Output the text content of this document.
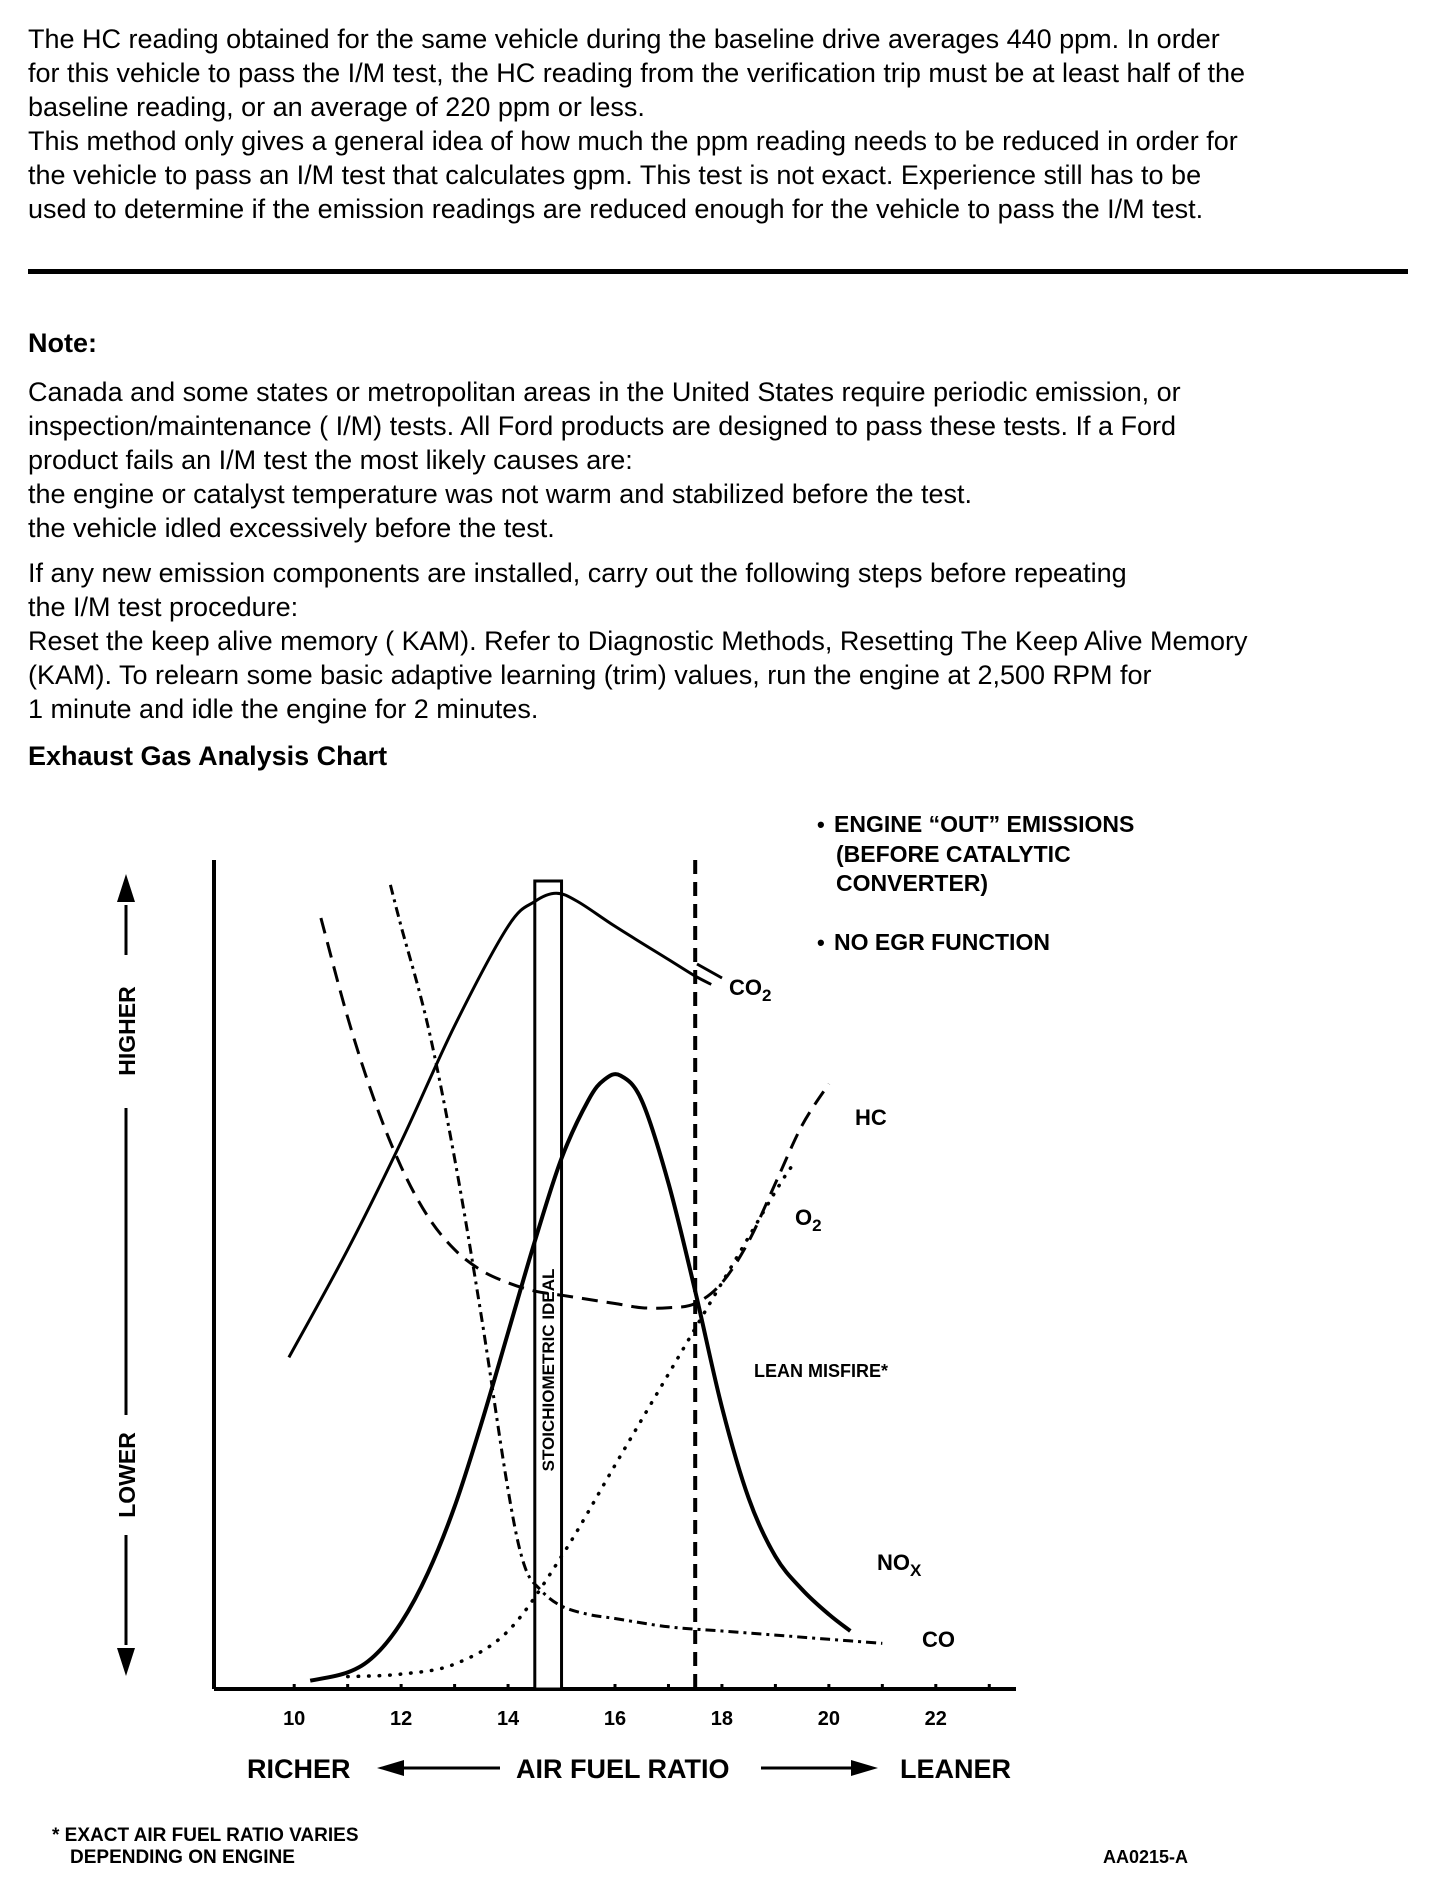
The HC reading obtained for the same vehicle during the baseline drive averages 440 ppm. In order
for this vehicle to pass the I/M test, the HC reading from the verification trip must be at least half of the
baseline reading, or an average of 220 ppm or less.
This method only gives a general idea of how much the ppm reading needs to be reduced in order for
the vehicle to pass an I/M test that calculates gpm. This test is not exact. Experience still has to be
used to determine if the emission readings are reduced enough for the vehicle to pass the I/M test.
Note:
Canada and some states or metropolitan areas in the United States require periodic emission, or
inspection/maintenance ( I/M) tests. All Ford products are designed to pass these tests. If a Ford
product fails an I/M test the most likely causes are:
the engine or catalyst temperature was not warm and stabilized before the test.
the vehicle idled excessively before the test.
If any new emission components are installed, carry out the following steps before repeating
the I/M test procedure:
Reset the keep alive memory ( KAM). Refer to Diagnostic Methods, Resetting The Keep Alive Memory
(KAM). To relearn some basic adaptive learning (trim) values, run the engine at 2,500 RPM for
1 minute and idle the engine for 2 minutes.
Exhaust Gas Analysis Chart
10	12	14	16	18	20	22
STOICHIOMETRIC IDEAL
$CO_2$
HC
$O_2$
$NO_X$
CO
LEAN MISFIRE*
• ENGINE “OUT” EMISSIONS
(BEFORE CATALYTIC
CONVERTER)
• NO EGR FUNCTION
HIGHER
LOWER
RICHER	AIR FUEL RATIO	LEANER
* EXACT AIR FUEL RATIO VARIES
DEPENDING ON ENGINE	AA0215-A
